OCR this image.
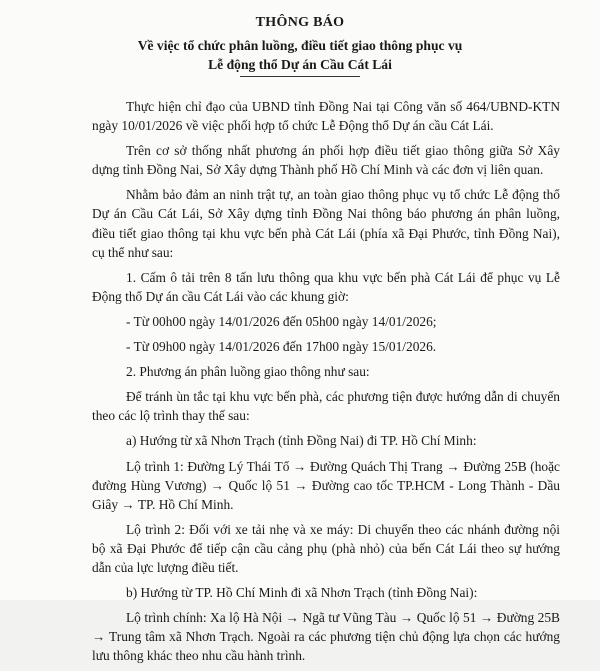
THÔNG BÁO
Về việc tổ chức phân luồng, điều tiết giao thông phục vụ
Lễ động thổ Dự án Cầu Cát Lái

Thực hiện chỉ đạo của UBND tỉnh Đồng Nai tại Công văn số 464/UBND-KTN ngày 10/01/2026 về việc phối hợp tổ chức Lễ Động thổ Dự án cầu Cát Lái.

Trên cơ sở thống nhất phương án phối hợp điều tiết giao thông giữa Sở Xây dựng tỉnh Đồng Nai, Sở Xây dựng Thành phố Hồ Chí Minh và các đơn vị liên quan.

Nhằm bảo đảm an ninh trật tự, an toàn giao thông phục vụ tổ chức Lễ động thổ Dự án Cầu Cát Lái, Sở Xây dựng tỉnh Đồng Nai thông báo phương án phân luồng, điều tiết giao thông tại khu vực bến phà Cát Lái (phía xã Đại Phước, tỉnh Đồng Nai), cụ thể như sau:

1. Cấm ô tải trên 8 tấn lưu thông qua khu vực bến phà Cát Lái để phục vụ Lễ Động thổ Dự án cầu Cát Lái vào các khung giờ:

- Từ 00h00 ngày 14/01/2026 đến 05h00 ngày 14/01/2026;

- Từ 09h00 ngày 14/01/2026 đến 17h00 ngày 15/01/2026.

2. Phương án phân luồng giao thông như sau:

Để tránh ùn tắc tại khu vực bến phà, các phương tiện được hướng dẫn di chuyển theo các lộ trình thay thế sau:

a) Hướng từ xã Nhơn Trạch (tỉnh Đồng Nai) đi TP. Hồ Chí Minh:

Lộ trình 1: Đường Lý Thái Tổ → Đường Quách Thị Trang → Đường 25B (hoặc đường Hùng Vương) → Quốc lộ 51 → Đường cao tốc TP.HCM - Long Thành - Dầu Giây → TP. Hồ Chí Minh.

Lộ trình 2: Đối với xe tải nhẹ và xe máy: Di chuyển theo các nhánh đường nội bộ xã Đại Phước để tiếp cận cầu cảng phụ (phà nhỏ) của bến Cát Lái theo sự hướng dẫn của lực lượng điều tiết.

b) Hướng từ TP. Hồ Chí Minh đi xã Nhơn Trạch (tỉnh Đồng Nai):

Lộ trình chính: Xa lộ Hà Nội → Ngã tư Vũng Tàu → Quốc lộ 51 → Đường 25B → Trung tâm xã Nhơn Trạch. Ngoài ra các phương tiện chủ động lựa chọn các hướng lưu thông khác theo nhu cầu hành trình.
